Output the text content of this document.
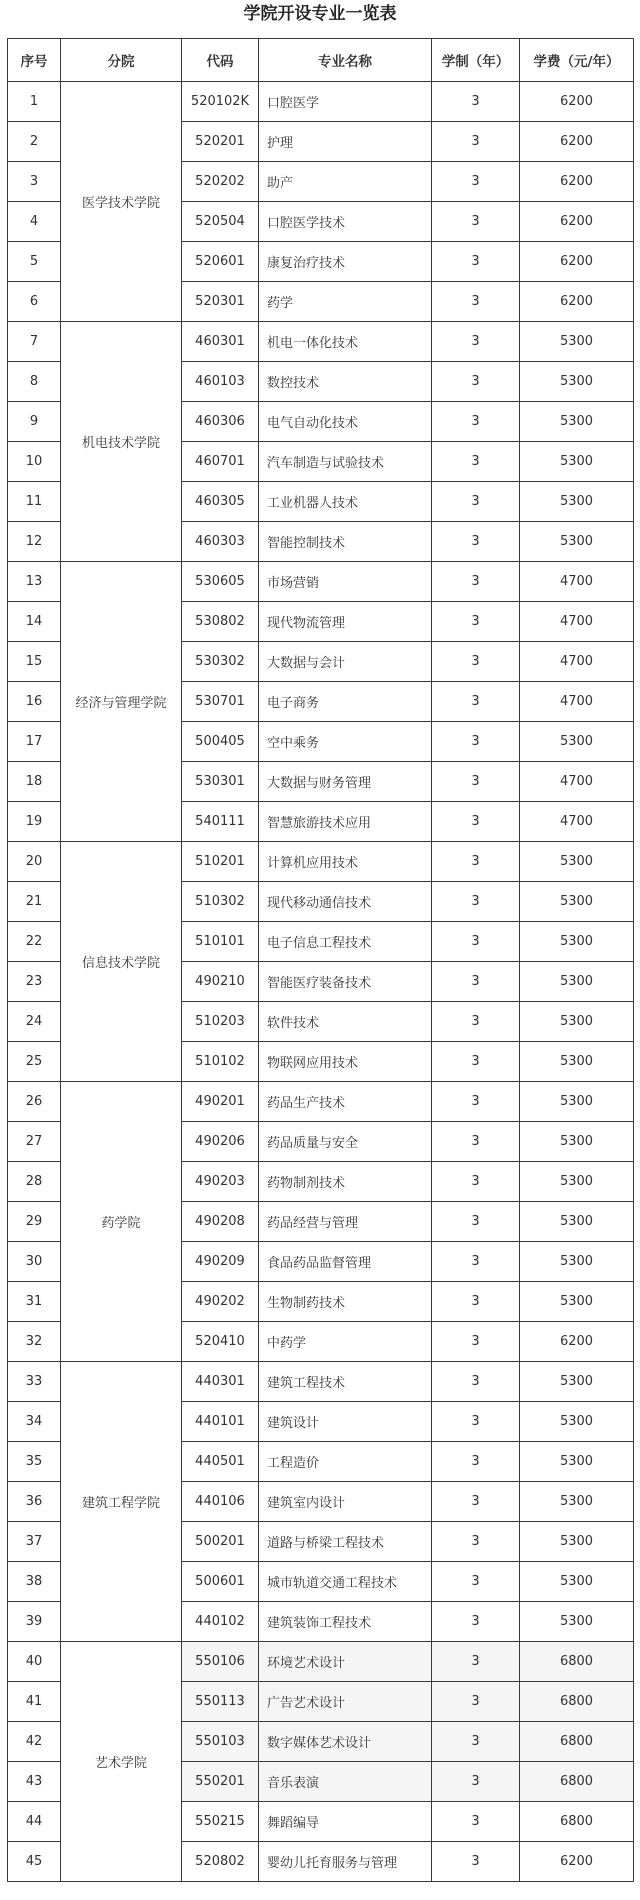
学院开设专业一览表
序号	分院	代码	专业名称	学制（年）	学费（元/年）
1	医学技术学院	520102K	口腔医学	3	6200
2		520201	护理	3	6200
3		520202	助产	3	6200
4		520504	口腔医学技术	3	6200
5		520601	康复治疗技术	3	6200
6		520301	药学	3	6200
7	机电技术学院	460301	机电一体化技术	3	5300
8		460103	数控技术	3	5300
9		460306	电气自动化技术	3	5300
10		460701	汽车制造与试验技术	3	5300
11		460305	工业机器人技术	3	5300
12		460303	智能控制技术	3	5300
13	经济与管理学院	530605	市场营销	3	4700
14		530802	现代物流管理	3	4700
15		530302	大数据与会计	3	4700
16		530701	电子商务	3	4700
17		500405	空中乘务	3	5300
18		530301	大数据与财务管理	3	4700
19		540111	智慧旅游技术应用	3	4700
20	信息技术学院	510201	计算机应用技术	3	5300
21		510302	现代移动通信技术	3	5300
22		510101	电子信息工程技术	3	5300
23		490210	智能医疗装备技术	3	5300
24		510203	软件技术	3	5300
25		510102	物联网应用技术	3	5300
26	药学院	490201	药品生产技术	3	5300
27		490206	药品质量与安全	3	5300
28		490203	药物制剂技术	3	5300
29		490208	药品经营与管理	3	5300
30		490209	食品药品监督管理	3	5300
31		490202	生物制药技术	3	5300
32		520410	中药学	3	6200
33	建筑工程学院	440301	建筑工程技术	3	5300
34		440101	建筑设计	3	5300
35		440501	工程造价	3	5300
36		440106	建筑室内设计	3	5300
37		500201	道路与桥梁工程技术	3	5300
38		500601	城市轨道交通工程技术	3	5300
39		440102	建筑装饰工程技术	3	5300
40	艺术学院	550106	环境艺术设计	3	6800
41		550113	广告艺术设计	3	6800
42		550103	数字媒体艺术设计	3	6800
43		550201	音乐表演	3	6800
44		550215	舞蹈编导	3	6800
45		520802	婴幼儿托育服务与管理	3	6200
